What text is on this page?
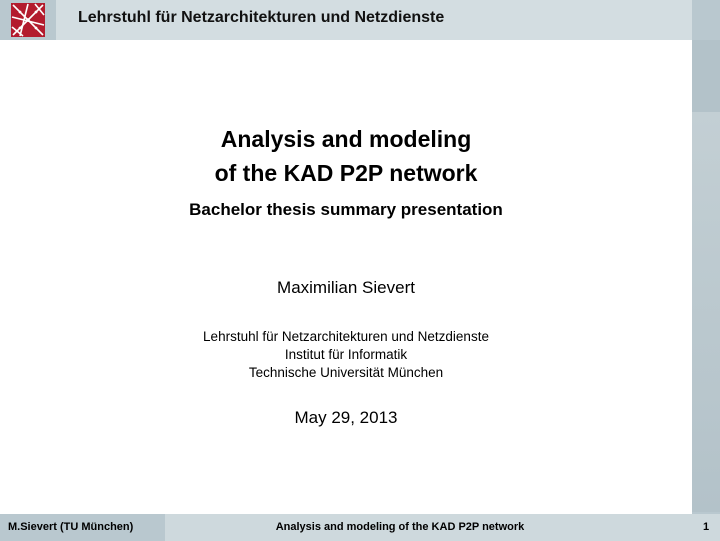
Lehrstuhl für Netzarchitekturen und Netzdienste
Analysis and modeling
of the KAD P2P network
Bachelor thesis summary presentation
Maximilian Sievert
Lehrstuhl für Netzarchitekturen und Netzdienste
Institut für Informatik
Technische Universität München
May 29, 2013
M.Sievert (TU München)	Analysis and modeling of the KAD P2P network	1
